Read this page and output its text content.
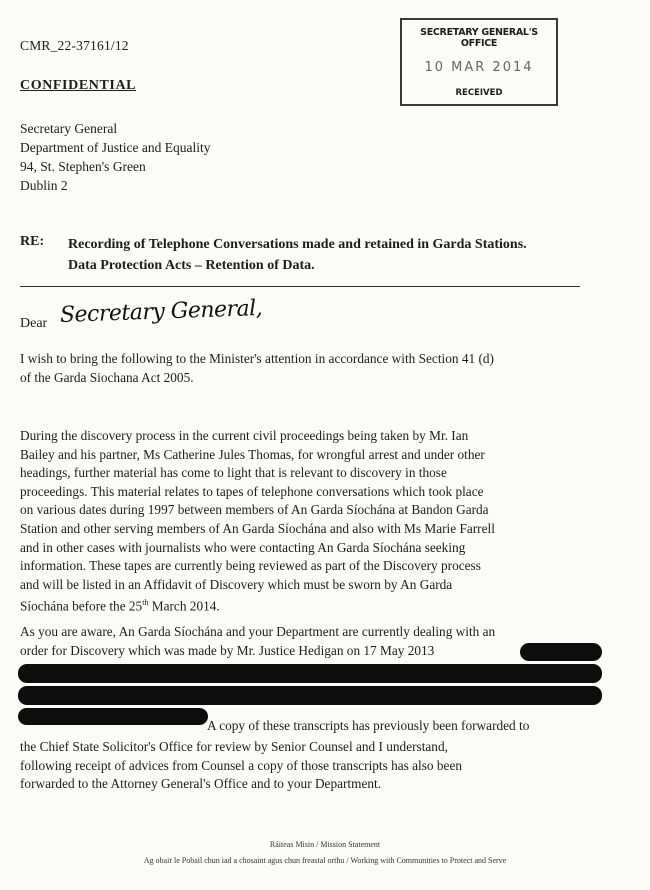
CMR_22-37161/12
SECRETARY GENERAL'S OFFICE
10 MAR 2014
RECEIVED
CONFIDENTIAL
Secretary General
Department of Justice and Equality
94, St. Stephen's Green
Dublin 2
RE: Recording of Telephone Conversations made and retained in Garda Stations.
Data Protection Acts – Retention of Data.
Dear Secretary General,
I wish to bring the following to the Minister's attention in accordance with Section 41 (d)
of the Garda Siochana Act 2005.
During the discovery process in the current civil proceedings being taken by Mr. Ian
Bailey and his partner, Ms Catherine Jules Thomas, for wrongful arrest and under other
headings, further material has come to light that is relevant to discovery in those
proceedings. This material relates to tapes of telephone conversations which took place
on various dates during 1997 between members of An Garda Síochána at Bandon Garda
Station and other serving members of An Garda Síochána and also with Ms Marie Farrell
and in other cases with journalists who were contacting An Garda Síochána seeking
information. These tapes are currently being reviewed as part of the Discovery process
and will be listed in an Affidavit of Discovery which must be sworn by An Garda
Síochána before the 25th March 2014.
As you are aware, An Garda Síochána and your Department are currently dealing with an
order for Discovery which was made by Mr. Justice Hedigan on 17 May 2013
A copy of these transcripts has previously been forwarded to
the Chief State Solicitor's Office for review by Senior Counsel and I understand,
following receipt of advices from Counsel a copy of those transcripts has also been
forwarded to the Attorney General's Office and to your Department.
Ráiteas Misin / Mission Statement
Ag obair le Pobail chun iad a chosaint agus chun freastal orthu / Working with Communities to Protect and Serve
